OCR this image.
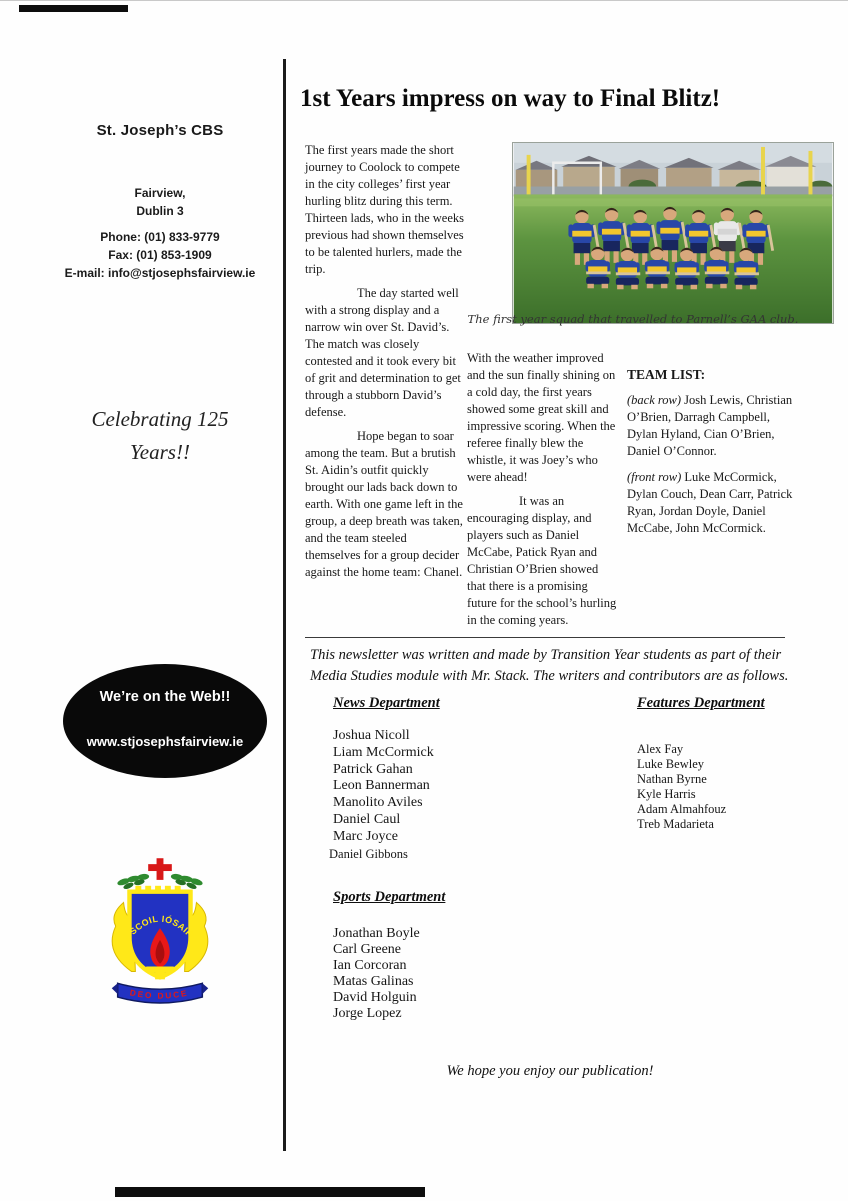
St. Joseph’s CBS
Fairview,
Dublin 3
Phone: (01) 833-9779
Fax: (01) 853-1909
E-mail: info@stjosephsfairview.ie
Celebrating 125 Years!!
We’re on the Web!!
www.stjosephsfairview.ie
SCOIL IÓSAIF
DEO DUCE
1st Years impress on way to Final Blitz!
The first year squad that travelled to Parnell’s GAA club.

The first years made the short journey to Coolock to compete in the city colleges’ first year hurling blitz during this term. Thirteen lads, who in the weeks previous had shown themselves to be talented hurlers, made the trip.

The day started well with a strong display and a narrow win over St. David’s. The match was closely contested and it took every bit of grit and determination to get through a stubborn David’s defense.

Hope began to soar among the team. But a brutish St. Aidin’s outfit quickly brought our lads back down to earth. With one game left in the group, a deep breath was taken, and the team steeled themselves for a group decider against the home team: Chanel.

With the weather improved and the sun finally shining on a cold day, the first years showed some great skill and impressive scoring. When the referee finally blew the whistle, it was Joey’s who were ahead!

It was an encouraging display, and players such as Daniel McCabe, Patick Ryan and Christian O’Brien showed that there is a promising future for the school’s hurling in the coming years.

TEAM LIST:

(back row) Josh Lewis, Christian O’Brien, Darragh Campbell, Dylan Hyland, Cian O’Brien, Daniel O’Connor.

(front row) Luke McCormick, Dylan Couch, Dean Carr, Patrick Ryan, Jordan Doyle, Daniel McCabe, John McCormick.

This newsletter was written and made by Transition Year students as part of their Media Studies module with Mr. Stack. The writers and contributors are as follows.

News Department
Joshua Nicoll
Liam McCormick
Patrick Gahan
Leon Bannerman
Manolito Aviles
Daniel Caul
Marc Joyce
Daniel Gibbons
Features Department
Alex Fay
Luke Bewley
Nathan Byrne
Kyle Harris
Adam Almahfouz
Treb Madarieta
Sports Department
Jonathan Boyle
Carl Greene
Ian Corcoran
Matas Galinas
David Holguin
Jorge Lopez

We hope you enjoy our publication!
